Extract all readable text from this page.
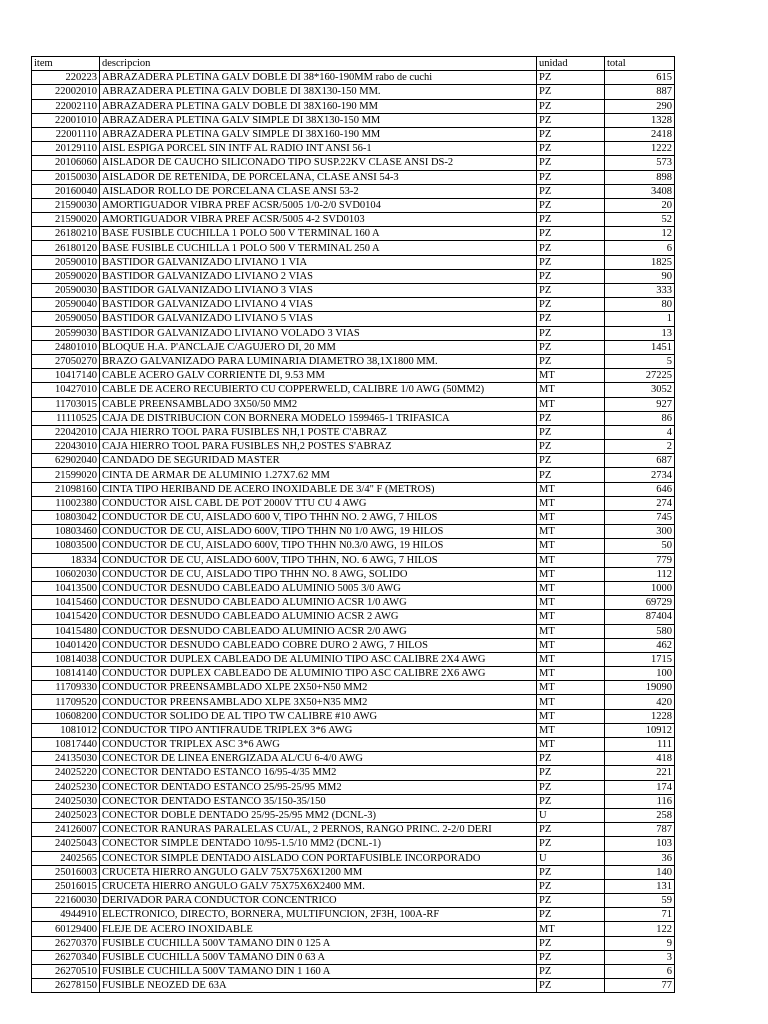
item	descripcion	unidad	total
220223	ABRAZADERA PLETINA GALV DOBLE DI 38*160-190MM rabo de cuchi	PZ	615
22002010	ABRAZADERA PLETINA GALV DOBLE DI 38X130-150 MM.	PZ	887
22002110	ABRAZADERA PLETINA GALV DOBLE DI 38X160-190 MM	PZ	290
22001010	ABRAZADERA PLETINA GALV SIMPLE DI 38X130-150 MM	PZ	1328
22001110	ABRAZADERA PLETINA GALV SIMPLE DI 38X160-190 MM	PZ	2418
20129110	AISL ESPIGA PORCEL SIN INTF AL RADIO INT ANSI 56-1	PZ	1222
20106060	AISLADOR DE CAUCHO SILICONADO TIPO SUSP.22KV CLASE ANSI DS-2	PZ	573
20150030	AISLADOR DE RETENIDA, DE PORCELANA, CLASE ANSI 54-3	PZ	898
20160040	AISLADOR ROLLO DE PORCELANA CLASE ANSI 53-2	PZ	3408
21590030	AMORTIGUADOR VIBRA PREF ACSR/5005 1/0-2/0 SVD0104	PZ	20
21590020	AMORTIGUADOR VIBRA PREF ACSR/5005 4-2 SVD0103	PZ	52
26180210	BASE FUSIBLE CUCHILLA 1 POLO 500 V TERMINAL 160 A	PZ	12
26180120	BASE FUSIBLE CUCHILLA 1 POLO 500 V TERMINAL 250 A	PZ	6
20590010	BASTIDOR GALVANIZADO LIVIANO 1 VIA	PZ	1825
20590020	BASTIDOR GALVANIZADO LIVIANO 2 VIAS	PZ	90
20590030	BASTIDOR GALVANIZADO LIVIANO 3 VIAS	PZ	333
20590040	BASTIDOR GALVANIZADO LIVIANO 4 VIAS	PZ	80
20590050	BASTIDOR GALVANIZADO LIVIANO 5 VIAS	PZ	1
20599030	BASTIDOR GALVANIZADO LIVIANO VOLADO 3 VIAS	PZ	13
24801010	BLOQUE H.A. P'ANCLAJE C/AGUJERO DI, 20 MM	PZ	1451
27050270	BRAZO GALVANIZADO PARA LUMINARIA DIAMETRO 38,1X1800 MM.	PZ	5
10417140	CABLE ACERO GALV CORRIENTE DI, 9.53 MM	MT	27225
10427010	CABLE DE ACERO RECUBIERTO CU COPPERWELD, CALIBRE 1/0 AWG (50MM2)	MT	3052
11703015	CABLE PREENSAMBLADO 3X50/50 MM2	MT	927
11110525	CAJA DE DISTRIBUCION CON BORNERA MODELO 1599465-1 TRIFASICA	PZ	86
22042010	CAJA HIERRO TOOL PARA FUSIBLES NH,1 POSTE C'ABRAZ	PZ	4
22043010	CAJA HIERRO TOOL PARA FUSIBLES NH,2 POSTES S'ABRAZ	PZ	2
62902040	CANDADO DE SEGURIDAD MASTER	PZ	687
21599020	CINTA DE ARMAR DE ALUMINIO 1.27X7.62 MM	PZ	2734
21098160	CINTA TIPO HERIBAND DE ACERO INOXIDABLE DE 3/4" F (METROS)	MT	646
11002380	CONDUCTOR AISL CABL DE POT 2000V TTU CU 4 AWG	MT	274
10803042	CONDUCTOR DE CU, AISLADO 600 V, TIPO THHN NO. 2 AWG, 7 HILOS	MT	745
10803460	CONDUCTOR DE CU, AISLADO 600V, TIPO THHN N0 1/0 AWG, 19 HILOS	MT	300
10803500	CONDUCTOR DE CU, AISLADO 600V, TIPO THHN N0.3/0 AWG, 19 HILOS	MT	50
18334	CONDUCTOR DE CU, AISLADO 600V, TIPO THHN, NO. 6 AWG, 7 HILOS	MT	779
10602030	CONDUCTOR DE CU, AISLADO TIPO THHN NO. 8 AWG, SOLIDO	MT	112
10413500	CONDUCTOR DESNUDO CABLEADO ALUMINIO 5005 3/0 AWG	MT	1000
10415460	CONDUCTOR DESNUDO CABLEADO ALUMINIO ACSR 1/0 AWG	MT	69729
10415420	CONDUCTOR DESNUDO CABLEADO ALUMINIO ACSR 2 AWG	MT	87404
10415480	CONDUCTOR DESNUDO CABLEADO ALUMINIO ACSR 2/0 AWG	MT	580
10401420	CONDUCTOR DESNUDO CABLEADO COBRE DURO 2 AWG, 7 HILOS	MT	462
10814038	CONDUCTOR DUPLEX CABLEADO DE ALUMINIO TIPO ASC CALIBRE 2X4 AWG	MT	1715
10814140	CONDUCTOR DUPLEX CABLEADO DE ALUMINIO TIPO ASC CALIBRE 2X6 AWG	MT	100
11709330	CONDUCTOR PREENSAMBLADO XLPE 2X50+N50 MM2	MT	19090
11709520	CONDUCTOR PREENSAMBLADO XLPE 3X50+N35 MM2	MT	420
10608200	CONDUCTOR SOLIDO DE AL TIPO TW CALIBRE #10 AWG	MT	1228
1081012	CONDUCTOR TIPO ANTIFRAUDE TRIPLEX 3*6 AWG	MT	10912
10817440	CONDUCTOR TRIPLEX ASC 3*6 AWG	MT	111
24135030	CONECTOR DE LINEA ENERGIZADA AL/CU 6-4/0 AWG	PZ	418
24025220	CONECTOR DENTADO ESTANCO 16/95-4/35 MM2	PZ	221
24025230	CONECTOR DENTADO ESTANCO 25/95-25/95 MM2	PZ	174
24025030	CONECTOR DENTADO ESTANCO 35/150-35/150	PZ	116
24025023	CONECTOR DOBLE DENTADO 25/95-25/95 MM2 (DCNL-3)	U	258
24126007	CONECTOR RANURAS PARALELAS CU/AL, 2 PERNOS, RANGO PRINC. 2-2/0 DERI	PZ	787
24025043	CONECTOR SIMPLE DENTADO 10/95-1.5/10 MM2 (DCNL-1)	PZ	103
2402565	CONECTOR SIMPLE DENTADO AISLADO CON PORTAFUSIBLE INCORPORADO	U	36
25016003	CRUCETA HIERRO ANGULO GALV 75X75X6X1200 MM	PZ	140
25016015	CRUCETA HIERRO ANGULO GALV 75X75X6X2400 MM.	PZ	131
22160030	DERIVADOR PARA CONDUCTOR CONCENTRICO	PZ	59
4944910	ELECTRONICO, DIRECTO, BORNERA, MULTIFUNCION, 2F3H, 100A-RF	PZ	71
60129400	FLEJE DE ACERO INOXIDABLE	MT	122
26270370	FUSIBLE CUCHILLA 500V TAMANO DIN 0 125 A	PZ	9
26270340	FUSIBLE CUCHILLA 500V TAMANO DIN 0 63 A	PZ	3
26270510	FUSIBLE CUCHILLA 500V TAMANO DIN 1 160 A	PZ	6
26278150	FUSIBLE NEOZED DE 63A	PZ	77
